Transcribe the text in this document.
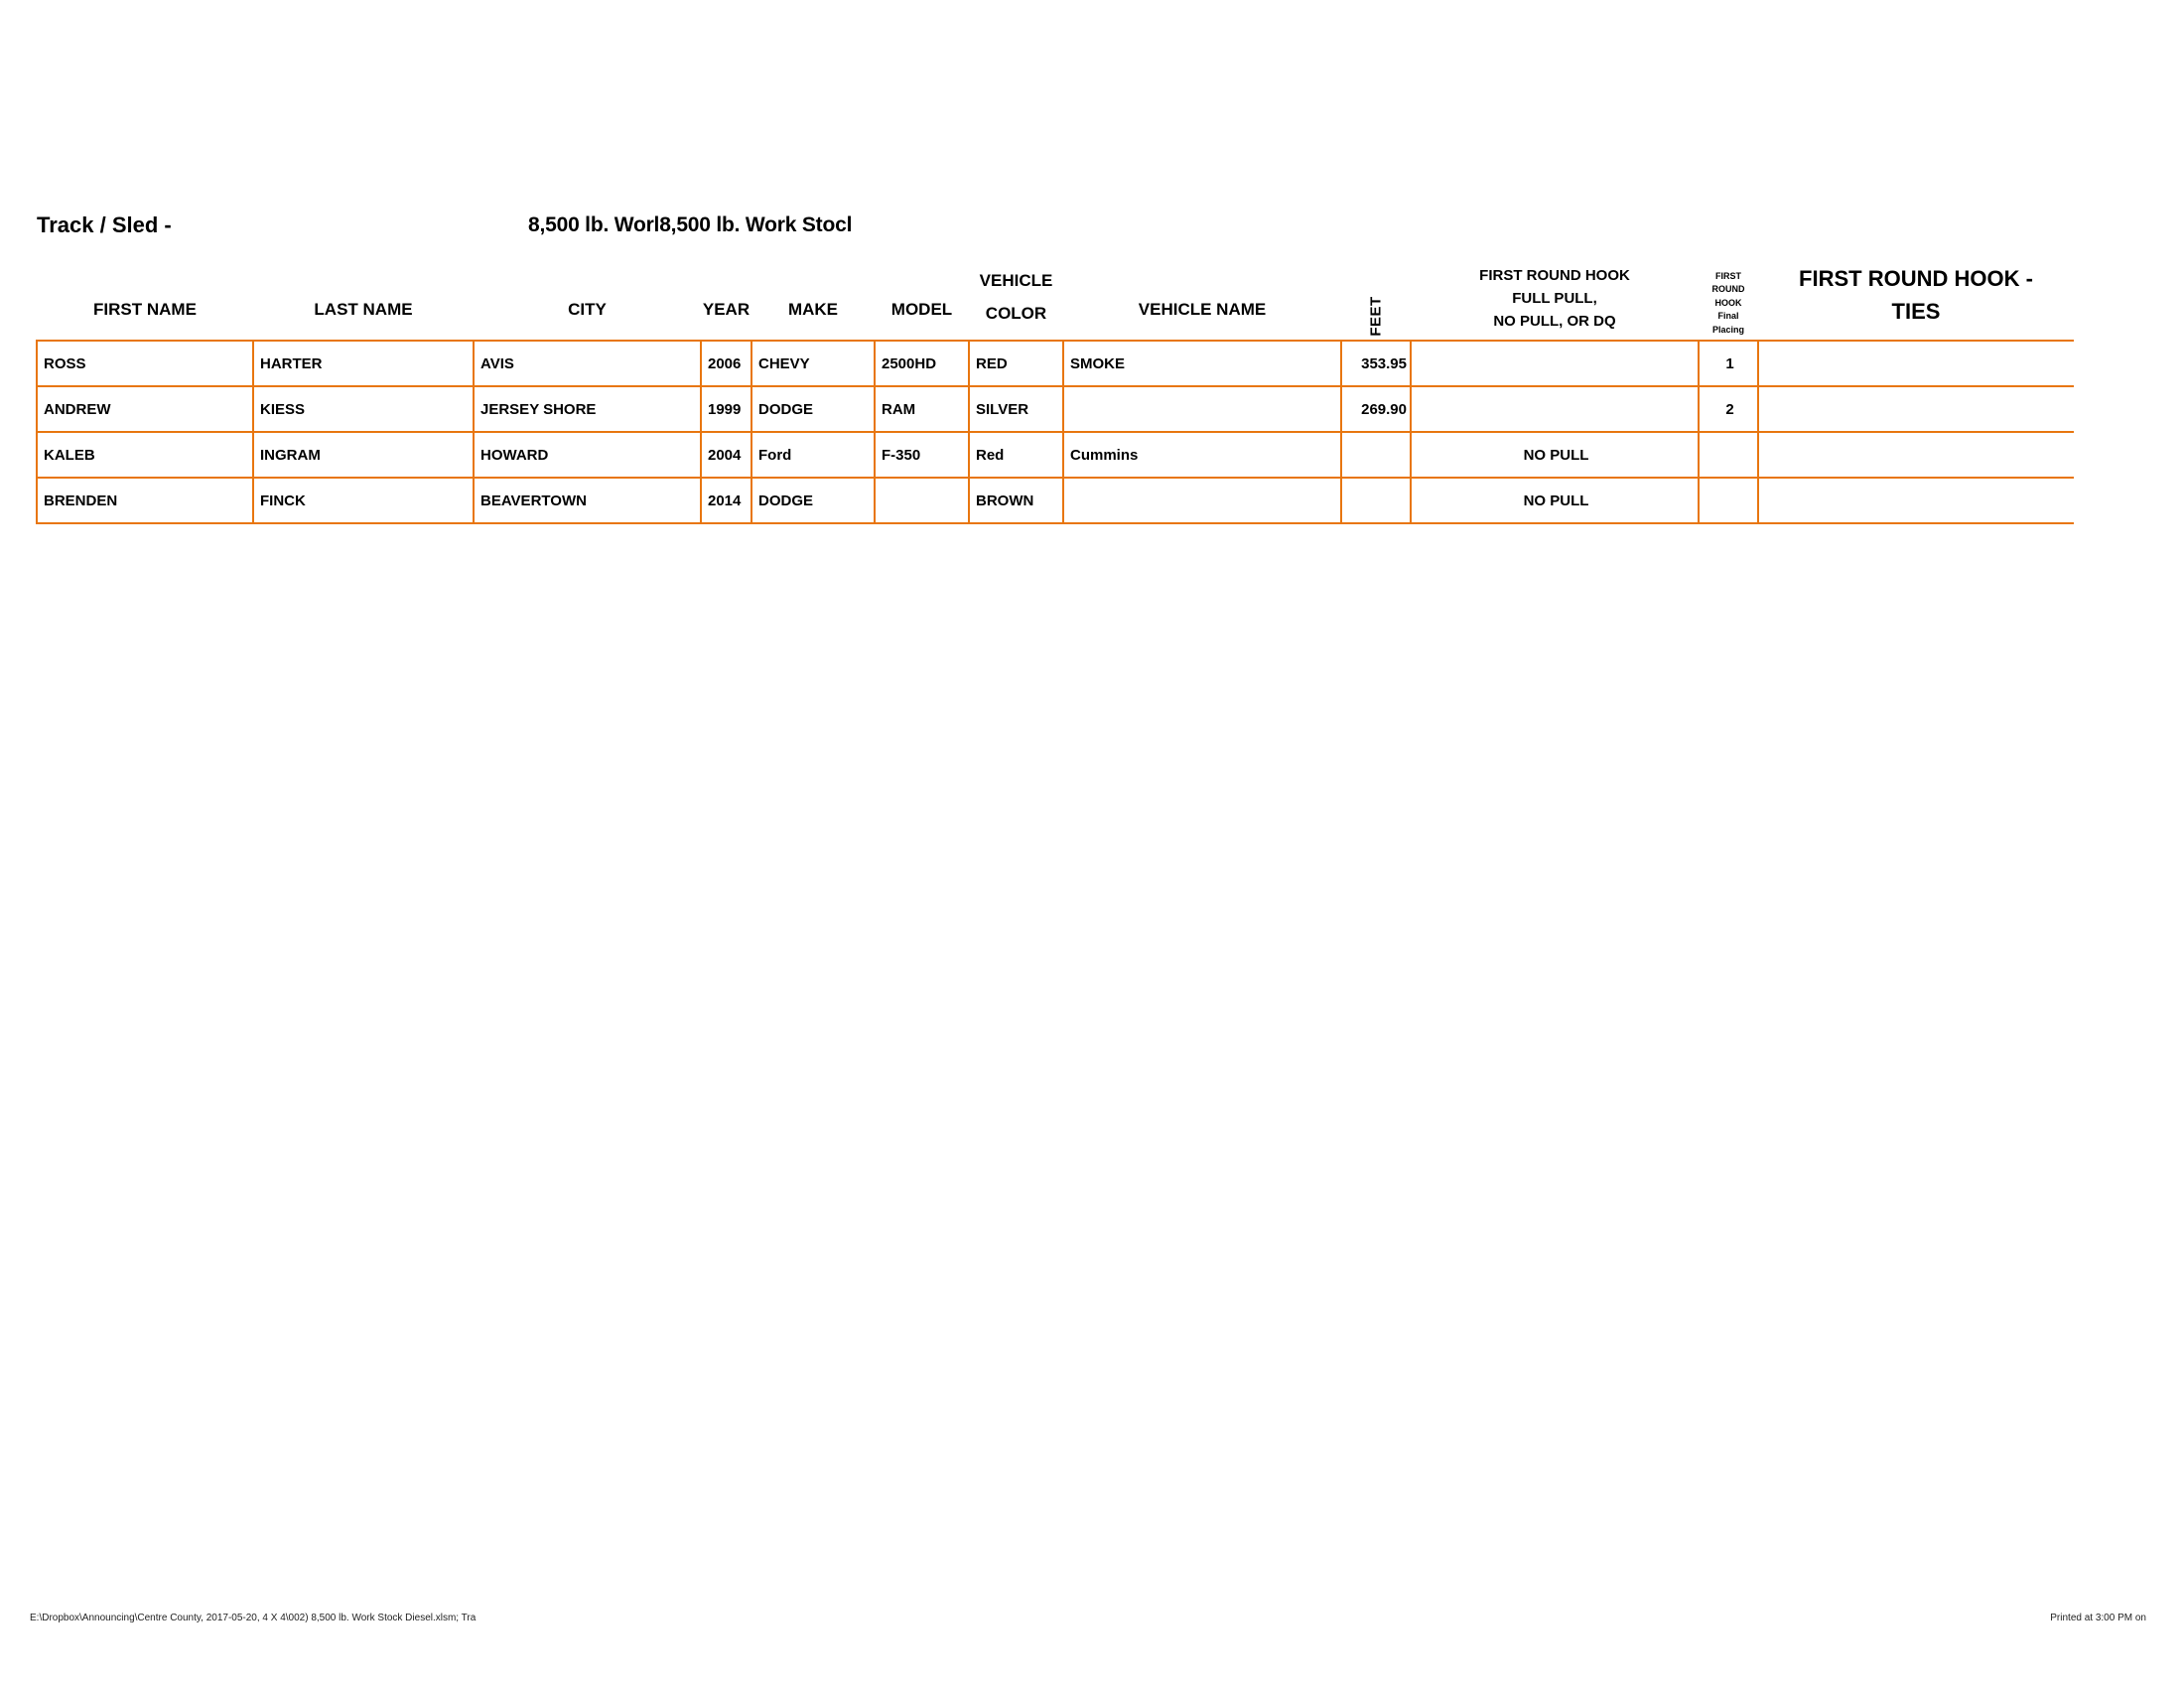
Track / Sled -	8,500 lb. Worl8,500 lb. Work Stocl
FIRST NAME	LAST NAME	CITY	YEAR	MAKE	MODEL	VEHICLE
COLOR	VEHICLE NAME	FEET	FIRST ROUND HOOK
FULL PULL,
NO PULL, OR DQ	FIRST
ROUND
HOOK
Final
Placing	FIRST ROUND HOOK -
TIES

ROSS	HARTER	AVIS	2006	CHEVY	2500HD	RED	SMOKE	353.95		1	
ANDREW	KIESS	JERSEY SHORE	1999	DODGE	RAM	SILVER		269.90		2	
KALEB	INGRAM	HOWARD	2004	Ford	F-350	Red	Cummins		NO PULL		
BRENDEN	FINCK	BEAVERTOWN	2014	DODGE		BROWN			NO PULL		
E:\Dropbox\Announcing\Centre County, 2017-05-20, 4 X 4\002) 8,500 lb. Work Stock Diesel.xlsm; Tra	Printed at 3:00 PM on
